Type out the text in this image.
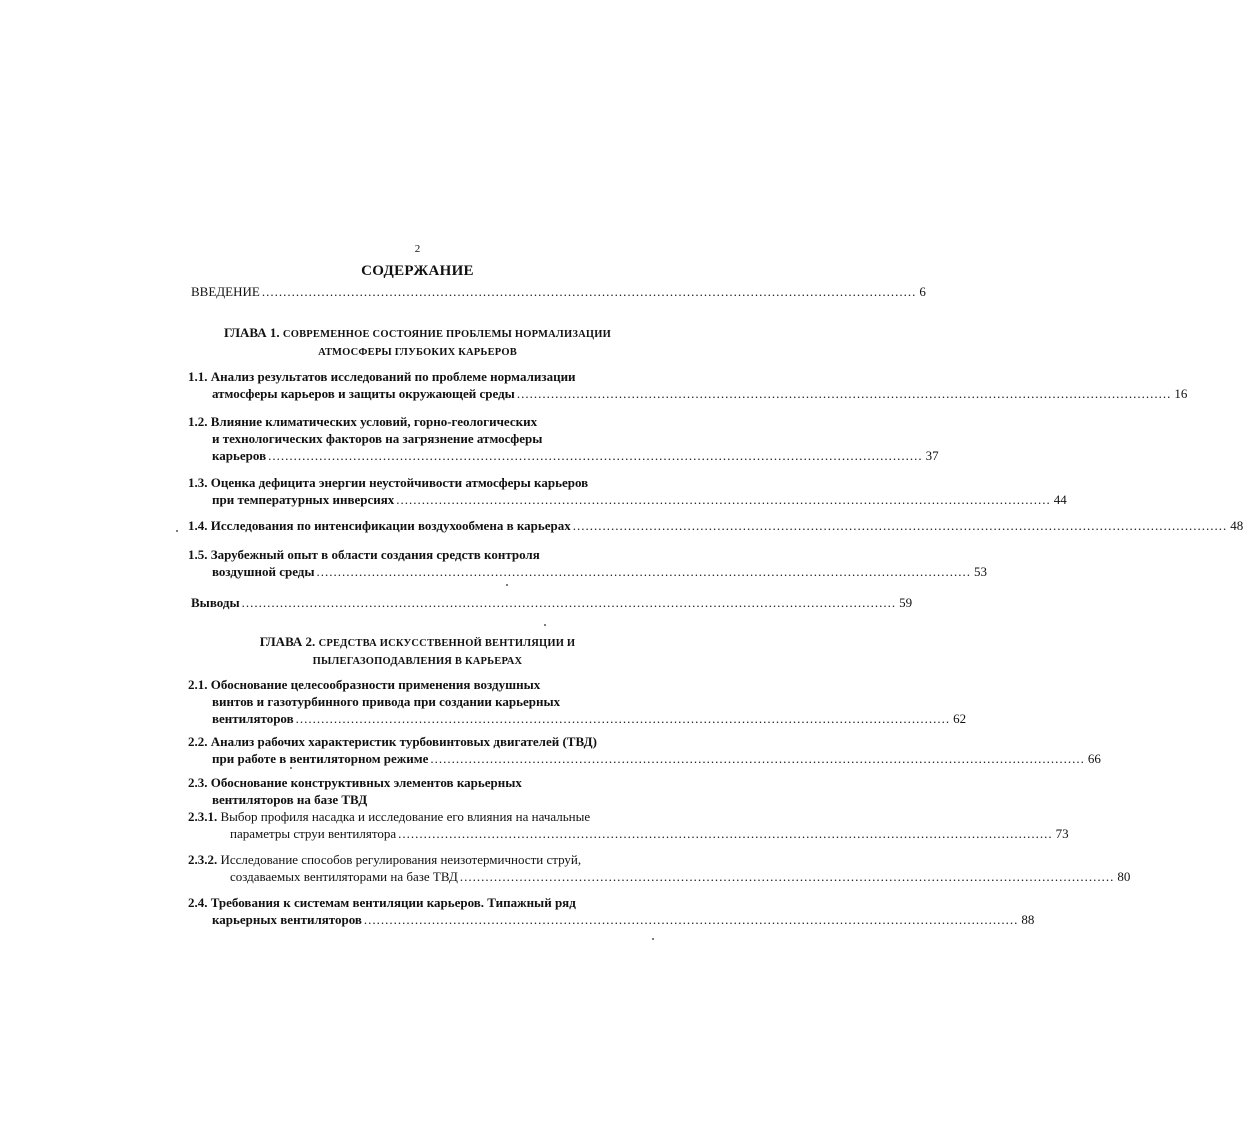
2
СОДЕРЖАНИЕ
ВВЕДЕНИЕ .......................................................................................................................................................... 6
ГЛАВА 1. СОВРЕМЕННОЕ СОСТОЯНИЕ ПРОБЛЕМЫ НОРМАЛИЗАЦИИ
АТМОСФЕРЫ ГЛУБОКИХ КАРЬЕРОВ
1.1. Анализ результатов исследований по проблеме нормализации
атмосферы карьеров и защиты окружающей среды .......................................................................................................................................................... 16
1.2. Влияние климатических условий, горно-геологических
и технологических факторов на загрязнение атмосферы
карьеров .......................................................................................................................................................... 37
1.3. Оценка дефицита энергии неустойчивости атмосферы карьеров
при температурных инверсиях .......................................................................................................................................................... 44
1.4. Исследования по интенсификации воздухообмена в карьерах .......................................................................................................................................................... 48
1.5. Зарубежный опыт в области создания средств контроля
воздушной среды .......................................................................................................................................................... 53
Выводы .......................................................................................................................................................... 59
ГЛАВА 2. СРЕДСТВА ИСКУССТВЕННОЙ ВЕНТИЛЯЦИИ И
ПЫЛЕГАЗОПОДАВЛЕНИЯ В КАРЬЕРАХ
2.1. Обоснование целесообразности применения воздушных
винтов и газотурбинного привода при создании карьерных
вентиляторов .......................................................................................................................................................... 62
2.2. Анализ рабочих характеристик турбовинтовых двигателей (ТВД)
при работе в вентиляторном режиме .......................................................................................................................................................... 66
2.3. Обоснование конструктивных элементов карьерных
вентиляторов на базе ТВД
2.3.1. Выбор профиля насадка и исследование его влияния на начальные
параметры струи вентилятора .......................................................................................................................................................... 73
2.3.2. Исследование способов регулирования неизотермичности струй,
создаваемых вентиляторами на базе ТВД .......................................................................................................................................................... 80
2.4. Требования к системам вентиляции карьеров. Типажный ряд
карьерных вентиляторов .......................................................................................................................................................... 88
